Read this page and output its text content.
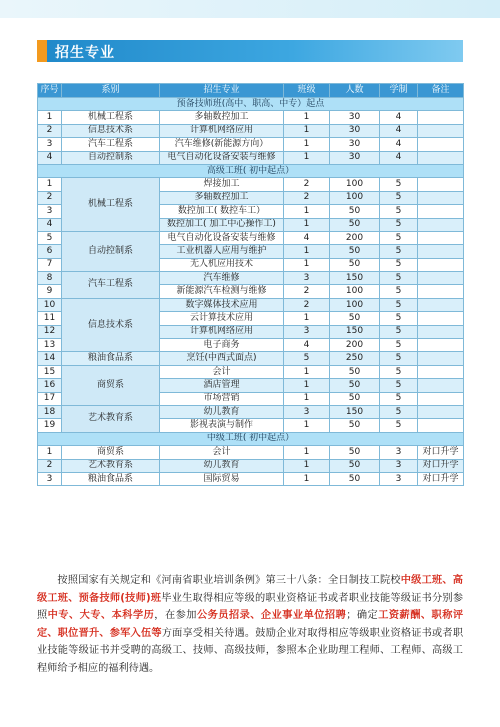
招生专业
序号	系别	招生专业	班级	人数	学制	备注
预备技师班(高中、职高、中专）起点						
1	机械工程系	多轴数控加工	1	30	4	
2	信息技术系	计算机网络应用	1	30	4	
3	汽车工程系	汽车维修(新能源方向）	1	30	4	
4	自动控制系	电气自动化设备安装与维修	1	30	4	
高级工班( 初中起点）						
1	机械工程系	焊接加工	2	100	5	
2		多轴数控加工	2	100	5	
3		数控加工( 数控车工）	1	50	5	
4		数控加工( 加工中心操作工)	1	50	5	
5	自动控制系	电气自动化设备安装与维修	4	200	5	
6		工业机器人应用与维护	1	50	5	
7		无人机应用技术	1	50	5	
8	汽车工程系	汽车维修	3	150	5	
9		新能源汽车检测与维修	2	100	5	
10	信息技术系	数字媒体技术应用	2	100	5	
11		云计算技术应用	1	50	5	
12		计算机网络应用	3	150	5	
13		电子商务	4	200	5	
14	粮油食品系	烹饪(中西式面点)	5	250	5	
15	商贸系	会计	1	50	5	
16		酒店管理	1	50	5	
17		市场营销	1	50	5	
18	艺术教育系	幼儿教育	3	150	5	
19		影视表演与制作	1	50	5	
中级工班( 初中起点）						
1	商贸系	会计	1	50	3	对口升学
2	艺术教育系	幼儿教育	1	50	3	对口升学
3	粮油食品系	国际贸易	1	50	3	对口升学

按照国家有关规定和《河南省职业培训条例》第三十八条：全日制技工院校中级工班、高级工班、预备技师(技师)班毕业生取得相应等级的职业资格证书或者职业技能等级证书分别参照中专、大专、本科学历，在参加公务员招录、企业事业单位招聘；确定工资薪酬、职称评定、职位晋升、参军入伍等方面享受相关待遇。鼓励企业对取得相应等级职业资格证书或者职业技能等级证书并受聘的高级工、技师、高级技师，参照本企业助理工程师、工程师、高级工程师给予相应的福利待遇。
